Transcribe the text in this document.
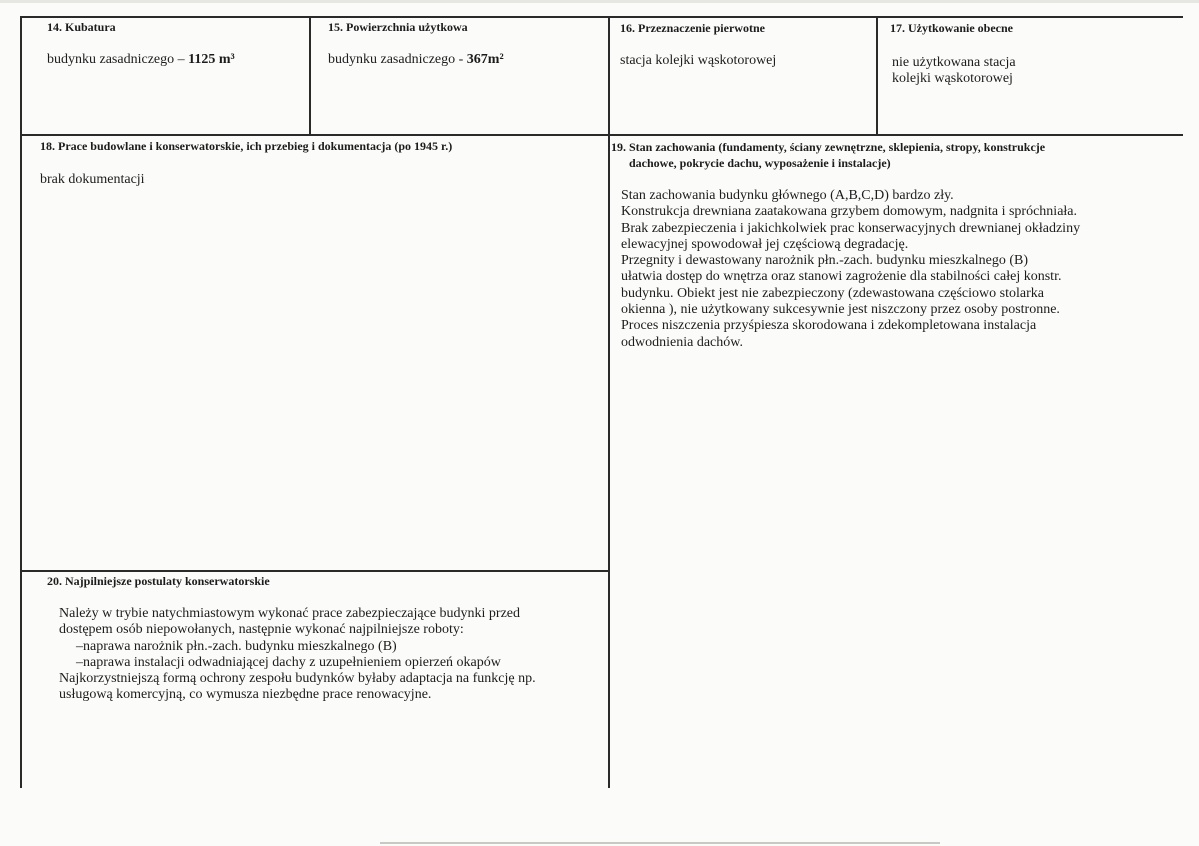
14. Kubatura
budynku zasadniczego – 1125 m³
15. Powierzchnia użytkowa
budynku zasadniczego - 367m²
16. Przeznaczenie pierwotne
stacja kolejki wąskotorowej
17. Użytkowanie obecne
nie użytkowana stacja
kolejki wąskotorowej
18. Prace budowlane i konserwatorskie, ich przebieg i dokumentacja (po 1945 r.)
brak dokumentacji
19. Stan zachowania (fundamenty, ściany zewnętrzne, sklepienia, stropy, konstrukcje
dachowe, pokrycie dachu, wyposażenie i instalacje)
Stan zachowania budynku głównego (A,B,C,D) bardzo zły.
Konstrukcja drewniana zaatakowana grzybem domowym, nadgnita i spróchniała.
Brak zabezpieczenia i jakichkolwiek prac konserwacyjnych drewnianej okładziny
elewacyjnej spowodował jej częściową degradację.
Przegnity i dewastowany narożnik płn.-zach. budynku mieszkalnego (B)
ułatwia dostęp do wnętrza oraz stanowi zagrożenie dla stabilności całej konstr.
budynku. Obiekt jest nie zabezpieczony (zdewastowana częściowo stolarka
okienna ), nie użytkowany sukcesywnie jest niszczony przez osoby postronne.
Proces niszczenia przyśpiesza skorodowana i zdekompletowana instalacja
odwodnienia dachów.
20. Najpilniejsze postulaty konserwatorskie
Należy w trybie natychmiastowym wykonać prace zabezpieczające budynki przed
dostępem osób niepowołanych, następnie wykonać najpilniejsze roboty:
–naprawa narożnik płn.-zach. budynku mieszkalnego (B)
–naprawa instalacji odwadniającej dachy z uzupełnieniem opierzeń okapów
Najkorzystniejszą formą ochrony zespołu budynków byłaby adaptacja na funkcję np.
usługową komercyjną, co wymusza niezbędne prace renowacyjne.
